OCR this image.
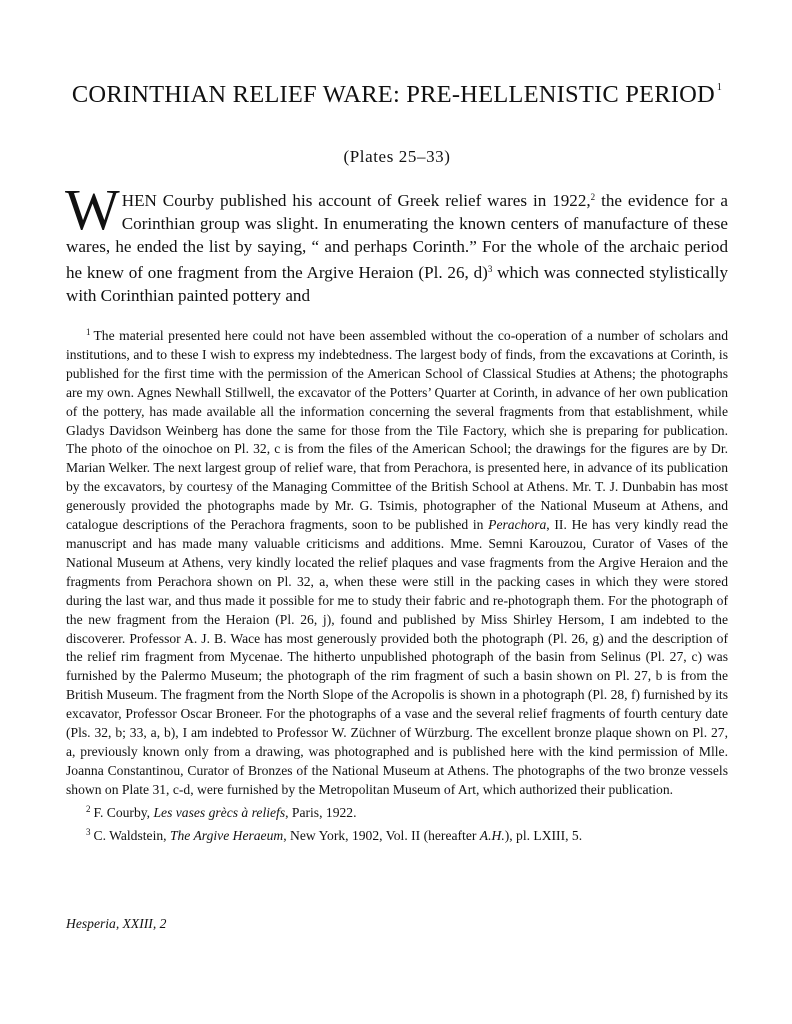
CORINTHIAN RELIEF WARE: PRE-HELLENISTIC PERIOD $^1$
(Plates 25–33)
WHEN Courby published his account of Greek relief wares in 1922,$^2$ the evidence for a Corinthian group was slight. In enumerating the known centers of manufacture of these wares, he ended the list by saying, “ and perhaps Corinth.” For the whole of the archaic period he knew of one fragment from the Argive Heraion (Pl. 26, d)$^3$ which was connected stylistically with Corinthian painted pottery and

$^1$ The material presented here could not have been assembled without the co-operation of a number of scholars and institutions, and to these I wish to express my indebtedness. The largest body of finds, from the excavations at Corinth, is published for the first time with the permission of the American School of Classical Studies at Athens; the photographs are my own. Agnes Newhall Stillwell, the excavator of the Potters’ Quarter at Corinth, in advance of her own publication of the pottery, has made available all the information concerning the several fragments from that establishment, while Gladys Davidson Weinberg has done the same for those from the Tile Factory, which she is preparing for publication. The photo of the oinochoe on Pl. 32, c is from the files of the American School; the drawings for the figures are by Dr. Marian Welker. The next largest group of relief ware, that from Perachora, is presented here, in advance of its publication by the excavators, by courtesy of the Managing Committee of the British School at Athens. Mr. T. J. Dunbabin has most generously provided the photographs made by Mr. G. Tsimis, photographer of the National Museum at Athens, and catalogue descriptions of the Perachora fragments, soon to be published in Perachora, II. He has very kindly read the manuscript and has made many valuable criticisms and additions. Mme. Semni Karouzou, Curator of Vases of the National Museum at Athens, very kindly located the relief plaques and vase fragments from the Argive Heraion and the fragments from Perachora shown on Pl. 32, a, when these were still in the packing cases in which they were stored during the last war, and thus made it possible for me to study their fabric and re-photograph them. For the photograph of the new fragment from the Heraion (Pl. 26, j), found and published by Miss Shirley Hersom, I am indebted to the discoverer. Professor A. J. B. Wace has most generously provided both the photograph (Pl. 26, g) and the description of the relief rim fragment from Mycenae. The hitherto unpublished photograph of the basin from Selinus (Pl. 27, c) was furnished by the Palermo Museum; the photograph of the rim fragment of such a basin shown on Pl. 27, b is from the British Museum. The fragment from the North Slope of the Acropolis is shown in a photograph (Pl. 28, f) furnished by its excavator, Professor Oscar Broneer. For the photographs of a vase and the several relief fragments of fourth century date (Pls. 32, b; 33, a, b), I am indebted to Professor W. Züchner of Würzburg. The excellent bronze plaque shown on Pl. 27, a, previously known only from a drawing, was photographed and is published here with the kind permission of Mlle. Joanna Constantinou, Curator of Bronzes of the National Museum at Athens. The photographs of the two bronze vessels shown on Plate 31, c-d, were furnished by the Metropolitan Museum of Art, which authorized their publication.

$^2$ F. Courby, Les vases grècs à reliefs, Paris, 1922.

$^3$ C. Waldstein, The Argive Heraeum, New York, 1902, Vol. II (hereafter A.H.), pl. LXIII, 5.

Hesperia, XXIII, 2
